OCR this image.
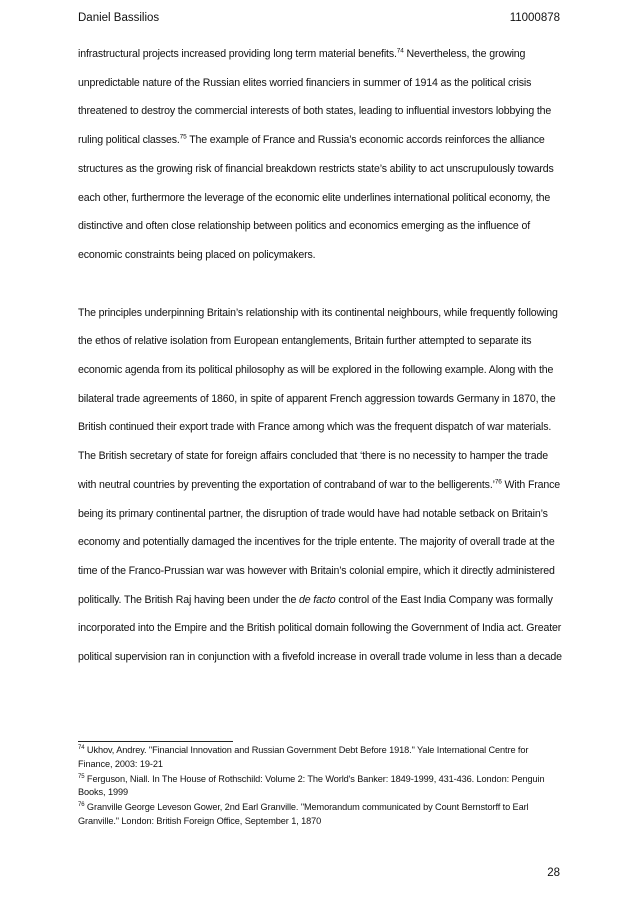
Daniel Bassilios	11000878

infrastructural projects increased providing long term material benefits.$^{74}$ Nevertheless, the growing unpredictable nature of the Russian elites worried financiers in summer of 1914 as the political crisis threatened to destroy the commercial interests of both states, leading to influential investors lobbying the ruling political classes.$^{75}$ The example of France and Russia’s economic accords reinforces the alliance structures as the growing risk of financial breakdown restricts state’s ability to act unscrupulously towards each other, furthermore the leverage of the economic elite underlines international political economy, the distinctive and often close relationship between politics and economics emerging as the influence of economic constraints being placed on policymakers.

The principles underpinning Britain’s relationship with its continental neighbours, while frequently following the ethos of relative isolation from European entanglements, Britain further attempted to separate its economic agenda from its political philosophy as will be explored in the following example. Along with the bilateral trade agreements of 1860, in spite of apparent French aggression towards Germany in 1870, the British continued their export trade with France among which was the frequent dispatch of war materials. The British secretary of state for foreign affairs concluded that ‘there is no necessity to hamper the trade with neutral countries by preventing the exportation of contraband of war to the belligerents.’$^{76}$ With France being its primary continental partner, the disruption of trade would have had notable setback on Britain’s economy and potentially damaged the incentives for the triple entente. The majority of overall trade at the time of the Franco-Prussian war was however with Britain’s colonial empire, which it directly administered politically. The British Raj having been under the de facto control of the East India Company was formally incorporated into the Empire and the British political domain following the Government of India act. Greater political supervision ran in conjunction with a fivefold increase in overall trade volume in less than a decade

$^{74}$ Ukhov, Andrey. "Financial Innovation and Russian Government Debt Before 1918." Yale International Centre for Finance, 2003: 19-21

$^{75}$ Ferguson, Niall. In The House of Rothschild: Volume 2: The World's Banker: 1849-1999, 431-436. London: Penguin Books, 1999

$^{76}$ Granville George Leveson Gower, 2nd Earl Granville. "Memorandum communicated by Count Bernstorff to Earl Granville." London: British Foreign Office, September 1, 1870

28
